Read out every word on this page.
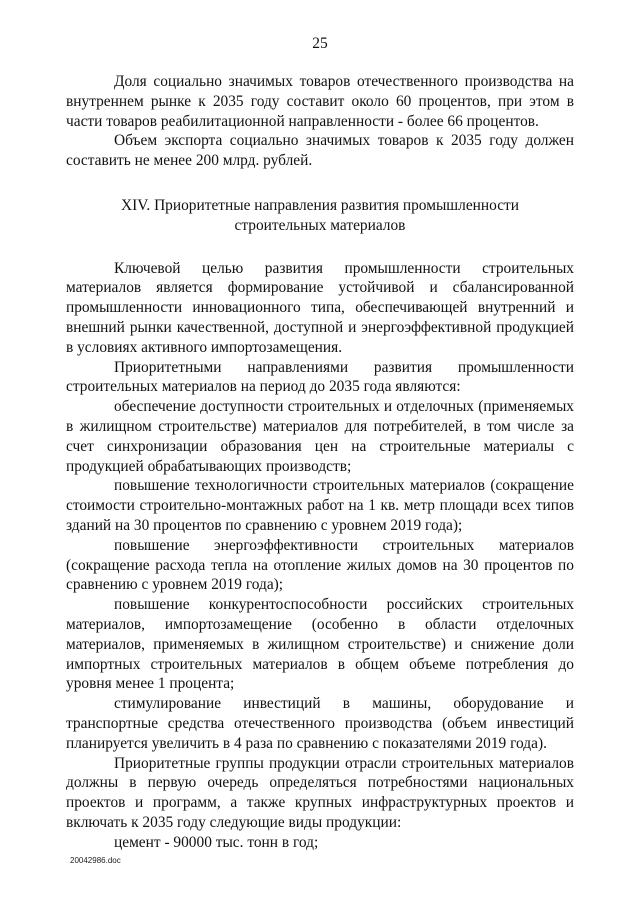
25

Доля социально значимых товаров отечественного производства на внутреннем рынке к 2035 году составит около 60 процентов, при этом в части товаров реабилитационной направленности - более 66 процентов.

Объем экспорта социально значимых товаров к 2035 году должен составить не менее 200 млрд. рублей.

XIV. Приоритетные направления развития промышленности
строительных материалов

Ключевой целью развития промышленности строительных материалов является формирование устойчивой и сбалансированной промышленности инновационного типа, обеспечивающей внутренний и внешний рынки качественной, доступной и энергоэффективной продукцией в условиях активного импортозамещения.

Приоритетными направлениями развития промышленности строительных материалов на период до 2035 года являются:

обеспечение доступности строительных и отделочных (применяемых в жилищном строительстве) материалов для потребителей, в том числе за счет синхронизации образования цен на строительные материалы с продукцией обрабатывающих производств;

повышение технологичности строительных материалов (сокращение стоимости строительно-монтажных работ на 1 кв. метр площади всех типов зданий на 30 процентов по сравнению с уровнем 2019 года);

повышение энергоэффективности строительных материалов (сокращение расхода тепла на отопление жилых домов на 30 процентов по сравнению с уровнем 2019 года);

повышение конкурентоспособности российских строительных материалов, импортозамещение (особенно в области отделочных материалов, применяемых в жилищном строительстве) и снижение доли импортных строительных материалов в общем объеме потребления до уровня менее 1 процента;

стимулирование инвестиций в машины, оборудование и транспортные средства отечественного производства (объем инвестиций планируется увеличить в 4 раза по сравнению с показателями 2019 года).

Приоритетные группы продукции отрасли строительных материалов должны в первую очередь определяться потребностями национальных проектов и программ, а также крупных инфраструктурных проектов и включать к 2035 году следующие виды продукции:

цемент - 90000 тыс. тонн в год;

20042986.doc
